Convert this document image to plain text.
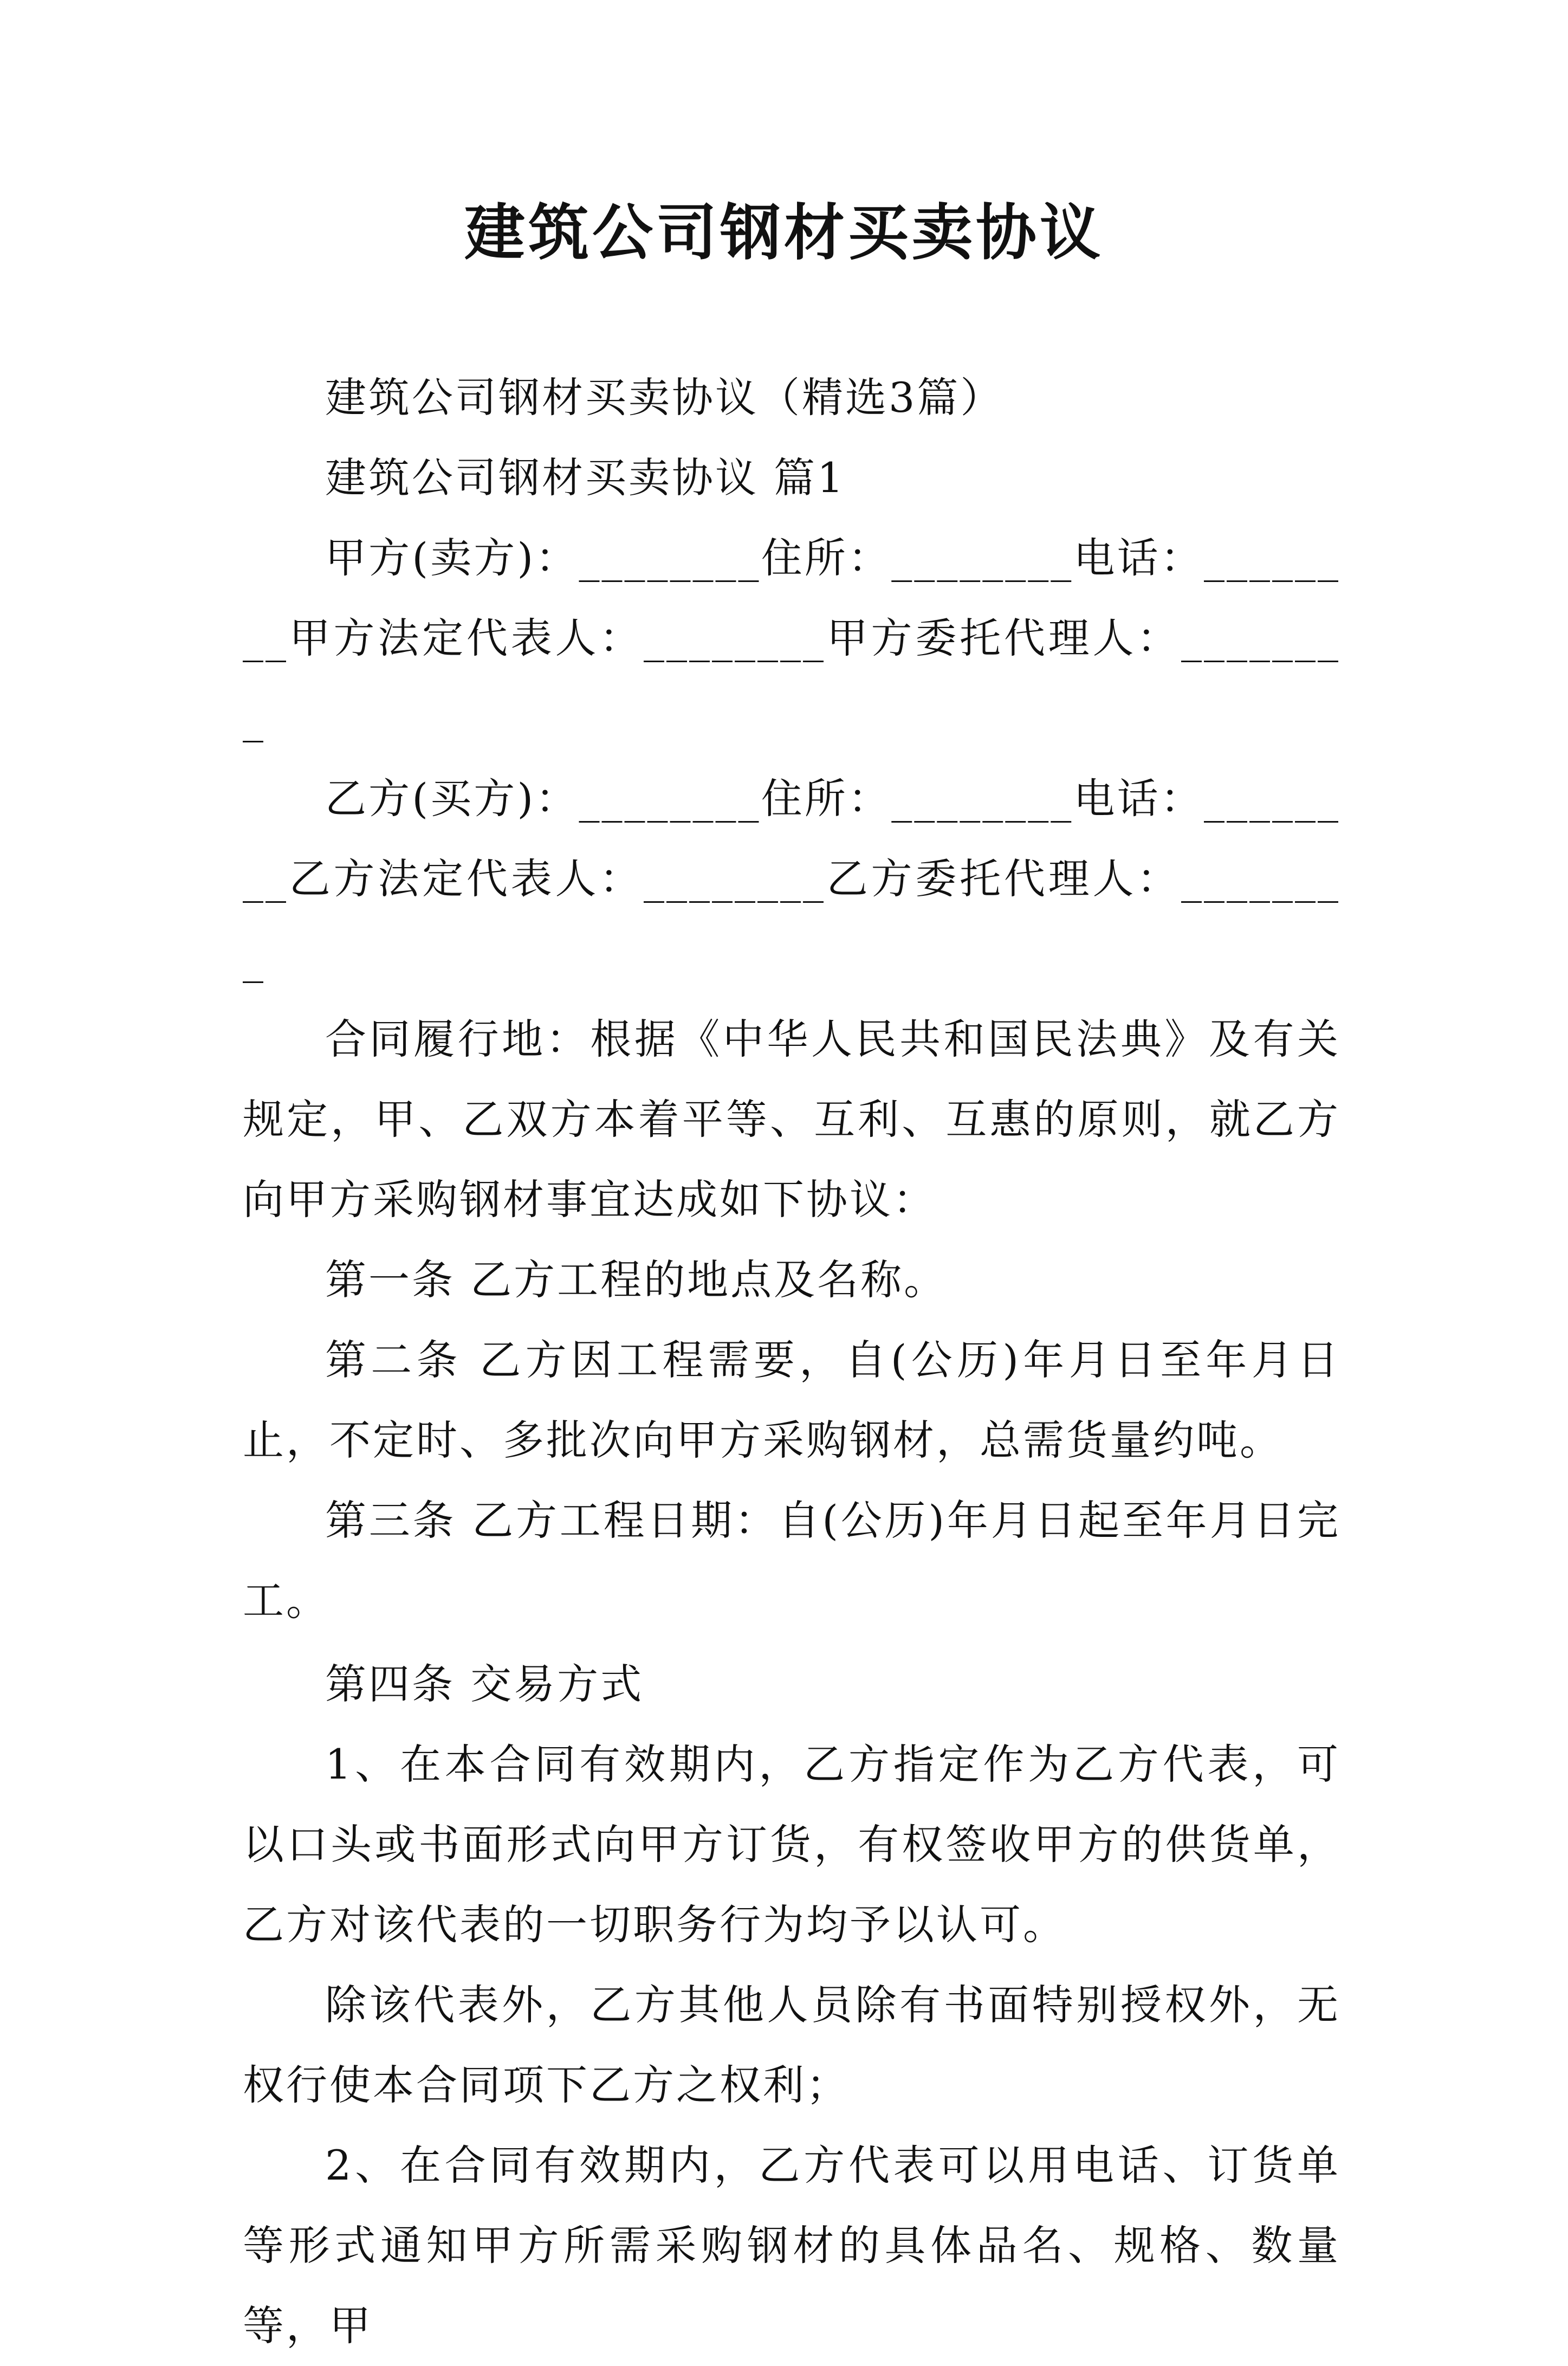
建筑公司钢材买卖协议

建筑公司钢材买卖协议（精选3篇）

建筑公司钢材买卖协议 篇1

甲方(卖方)：________住所：________电话：________甲方法定代表人：________甲方委托代理人：________

乙方(买方)：________住所：________电话：________乙方法定代表人：________乙方委托代理人：________

合同履行地：根据《中华人民共和国民法典》及有关规定，甲、乙双方本着平等、互利、互惠的原则，就乙方向甲方采购钢材事宜达成如下协议：

第一条 乙方工程的地点及名称。

第二条 乙方因工程需要，自(公历)年月日至年月日止，不定时、多批次向甲方采购钢材，总需货量约吨。

第三条 乙方工程日期：自(公历)年月日起至年月日完工。

第四条 交易方式

1、在本合同有效期内，乙方指定作为乙方代表，可以口头或书面形式向甲方订货，有权签收甲方的供货单，乙方对该代表的一切职务行为均予以认可。

除该代表外，乙方其他人员除有书面特别授权外，无权行使本合同项下乙方之权利；

2、在合同有效期内，乙方代表可以用电话、订货单等形式通知甲方所需采购钢材的具体品名、规格、数量等，甲
